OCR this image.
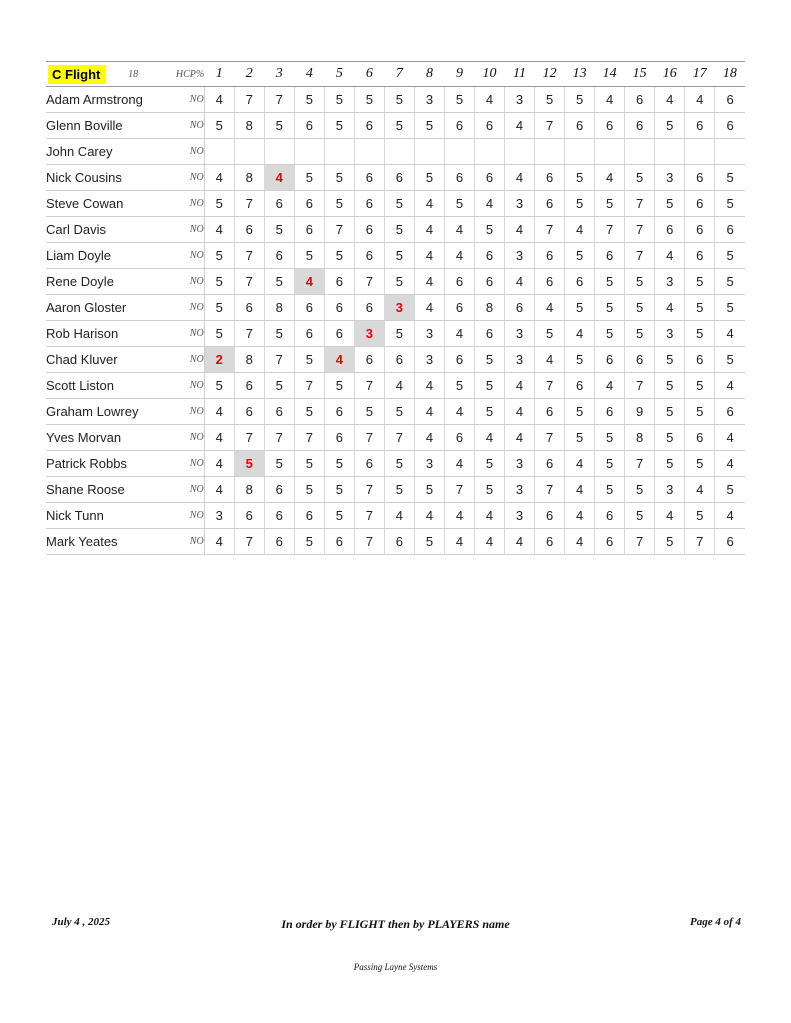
C Flight	18	HCP%	1	2	3	4	5	6	7	8	9	10	11	12	13	14	15	16	17	18
Adam Armstrong		NO	4	7	7	5	5	5	5	3	5	4	3	5	5	4	6	4	4	6
Glenn Boville		NO	5	8	5	6	5	6	5	5	6	6	4	7	6	6	6	5	6	6
John Carey		NO																		
Nick Cousins		NO	4	8	4	5	5	6	6	5	6	6	4	6	5	4	5	3	6	5
Steve Cowan		NO	5	7	6	6	5	6	5	4	5	4	3	6	5	5	7	5	6	5
Carl Davis		NO	4	6	5	6	7	6	5	4	4	5	4	7	4	7	7	6	6	6
Liam Doyle		NO	5	7	6	5	5	6	5	4	4	6	3	6	5	6	7	4	6	5
Rene Doyle		NO	5	7	5	4	6	7	5	4	6	6	4	6	6	5	5	3	5	5
Aaron Gloster		NO	5	6	8	6	6	6	3	4	6	8	6	4	5	5	5	4	5	5
Rob Harison		NO	5	7	5	6	6	3	5	3	4	6	3	5	4	5	5	3	5	4
Chad Kluver		NO	2	8	7	5	4	6	6	3	6	5	3	4	5	6	6	5	6	5
Scott Liston		NO	5	6	5	7	5	7	4	4	5	5	4	7	6	4	7	5	5	4
Graham Lowrey		NO	4	6	6	5	6	5	5	4	4	5	4	6	5	6	9	5	5	6
Yves Morvan		NO	4	7	7	7	6	7	7	4	6	4	4	7	5	5	8	5	6	4
Patrick Robbs		NO	4	5	5	5	5	6	5	3	4	5	3	6	4	5	7	5	5	4
Shane Roose		NO	4	8	6	5	5	7	5	5	7	5	3	7	4	5	5	3	4	5
Nick Tunn		NO	3	6	6	6	5	7	4	4	4	4	3	6	4	6	5	4	5	4
Mark Yeates		NO	4	7	6	5	6	7	6	5	4	4	4	6	4	6	7	5	7	6
July 4 , 2025	In order by FLIGHT then by PLAYERS name	Page 4 of 4
Passing Layne Systems
